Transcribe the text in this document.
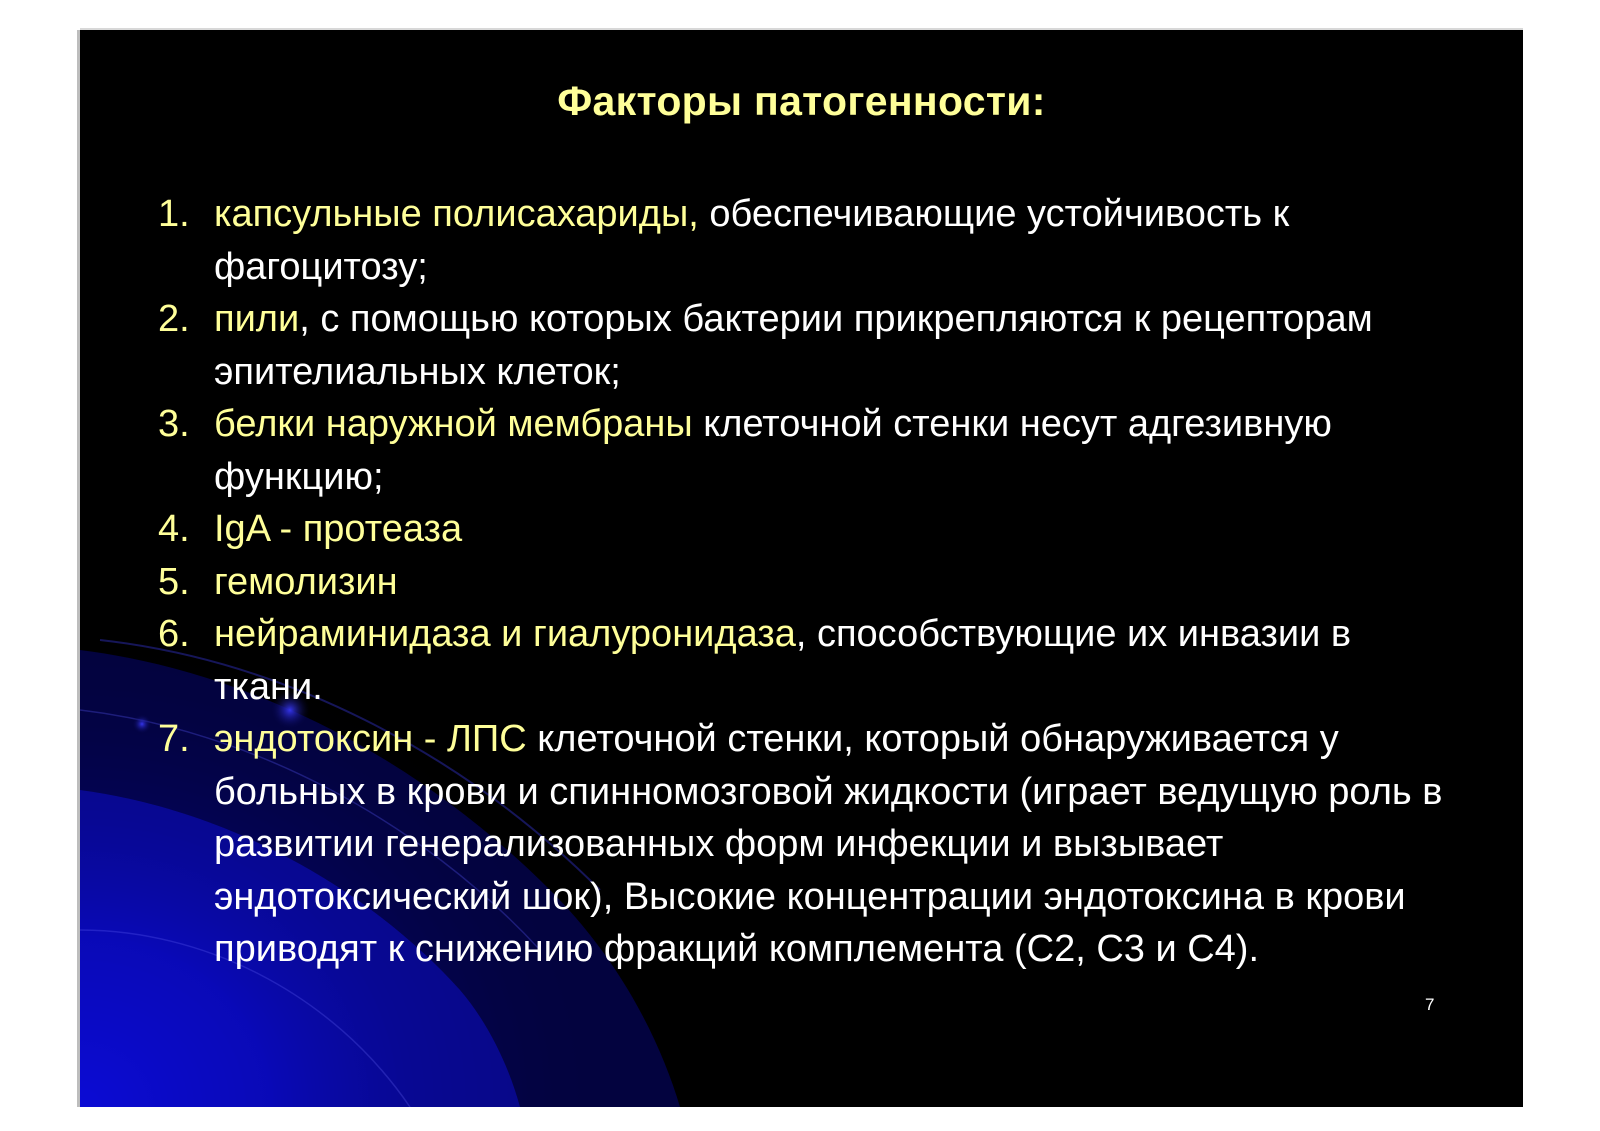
Факторы патогенности:
1. капсульные полисахариды, обеспечивающие устойчивость к фагоцитозу;
2. пили, с помощью которых бактерии прикрепляются к рецепторам эпителиальных клеток;
3. белки наружной мембраны клеточной стенки несут адгезивную функцию;
4. IgA - протеаза
5. гемолизин
6. нейраминидаза и гиалуронидаза, способствующие их инвазии в ткани.
7. эндотоксин - ЛПС клеточной стенки, который обнаруживается у больных в крови и спинномозговой жидкости (играет ведущую роль в развитии генерализованных форм инфекции и вызывает эндотоксический шок), Высокие концентрации эндотоксина в крови приводят к снижению фракций комплемента (С2, С3 и С4).
7
